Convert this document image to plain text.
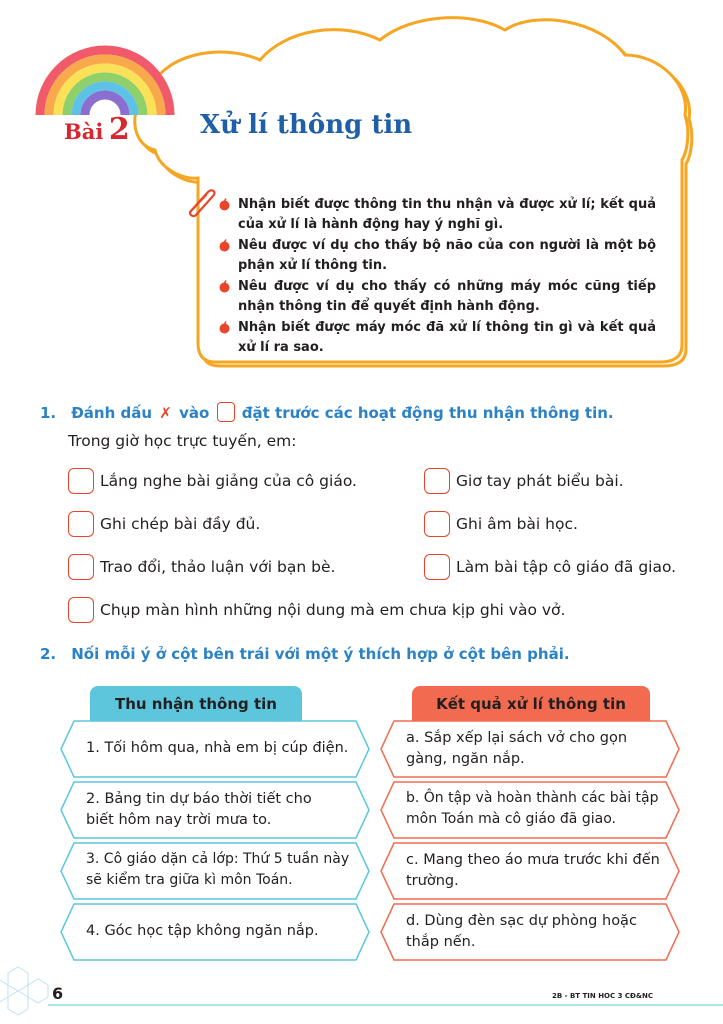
Bài 2	Xử lí thông tin
Nhận biết được thông tin thu nhận và được xử lí; kết quả của xử lí là hành động hay ý nghĩ gì.
Nêu được ví dụ cho thấy bộ não của con người là một bộ phận xử lí thông tin.
Nêu được ví dụ cho thấy có những máy móc cũng tiếp nhận thông tin để quyết định hành động.
Nhận biết được máy móc đã xử lí thông tin gì và kết quả xử lí ra sao.
1. Đánh dấu ✗ vào đặt trước các hoạt động thu nhận thông tin.
Trong giờ học trực tuyến, em:
Lắng nghe bài giảng của cô giáo.	Giơ tay phát biểu bài.
Ghi chép bài đầy đủ.	Ghi âm bài học.
Trao đổi, thảo luận với bạn bè.	Làm bài tập cô giáo đã giao.
Chụp màn hình những nội dung mà em chưa kịp ghi vào vở.
2. Nối mỗi ý ở cột bên trái với một ý thích hợp ở cột bên phải.
Thu nhận thông tin	Kết quả xử lí thông tin
1. Tối hôm qua, nhà em bị cúp điện.
2. Bảng tin dự báo thời tiết cho biết hôm nay trời mưa to.
3. Cô giáo dặn cả lớp: Thứ 5 tuần này sẽ kiểm tra giữa kì môn Toán.
4. Góc học tập không ngăn nắp.
a. Sắp xếp lại sách vở cho gọn gàng, ngăn nắp.
b. Ôn tập và hoàn thành các bài tập môn Toán mà cô giáo đã giao.
c. Mang theo áo mưa trước khi đến trường.
d. Dùng đèn sạc dự phòng hoặc thắp nến.
6	2B - BT TIN HOC 3 CĐ&NC
